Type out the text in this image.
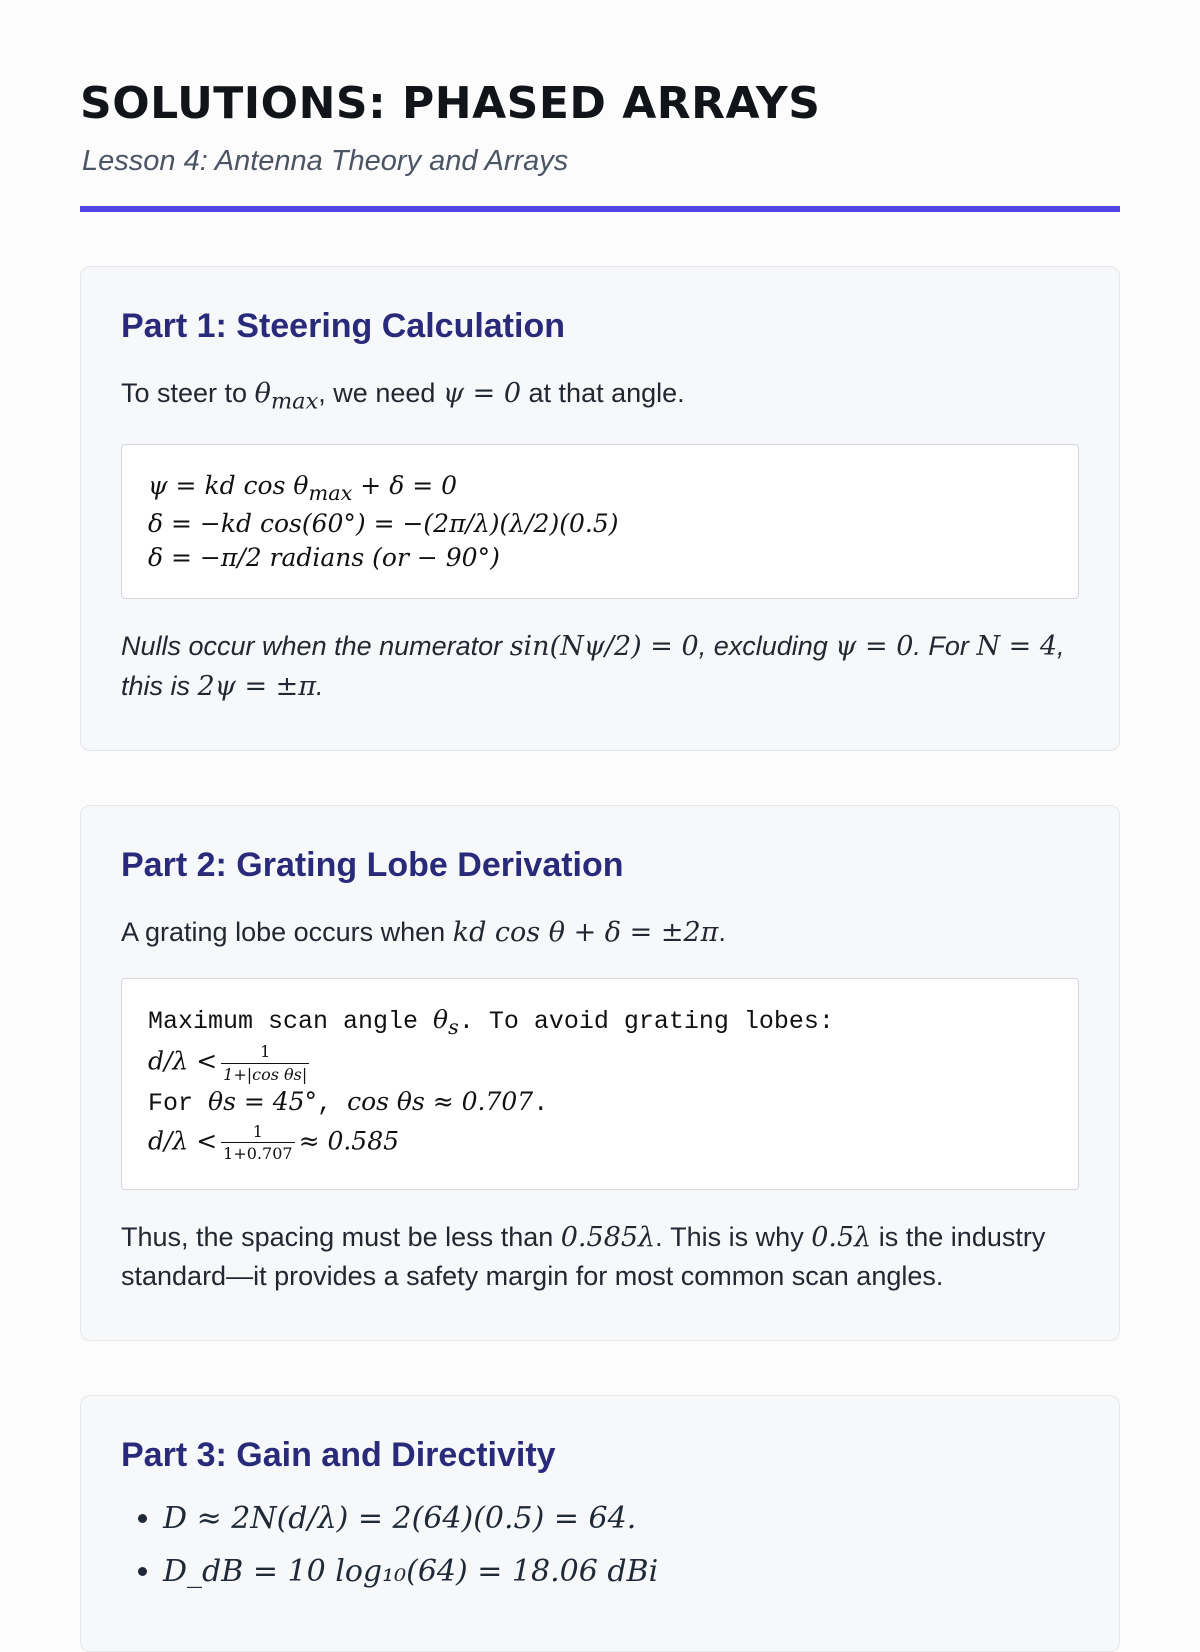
SOLUTIONS: PHASED ARRAYS
Lesson 4: Antenna Theory and Arrays
Part 1: Steering Calculation

To steer to $\theta_{max}$, we need ψ = 0 at that angle.

ψ = kd $\cos \theta_{max} + \delta = 0$
δ = −kd cos(60°) = −(2π/λ)(λ/2)(0.5)
δ = −π/2 radians (or − 90°)

Nulls occur when the numerator sin(Nψ/2) = 0, excluding ψ = 0. For N = 4, this is 2ψ = ±π.

Part 2: Grating Lobe Derivation

A grating lobe occurs when kd cos θ + δ = ±2π.

Maximum scan angle $\theta_s$. To avoid grating lobes:
$d/\lambda < \frac{1}{\text{1+|cos θs|}}$
For θs = 45°, cos θs ≈ 0.707.
$d/\lambda < \frac{1}{1+0.707} \approx 0.585$

Thus, the spacing must be less than 0.585λ. This is why 0.5λ is the industry standard—it provides a safety margin for most common scan angles.

Part 3: Gain and Directivity
• D ≈ 2N(d/λ) = 2(64)(0.5) = 64.
• D_dB = 10 log₁₀(64) = 18.06 dBi
